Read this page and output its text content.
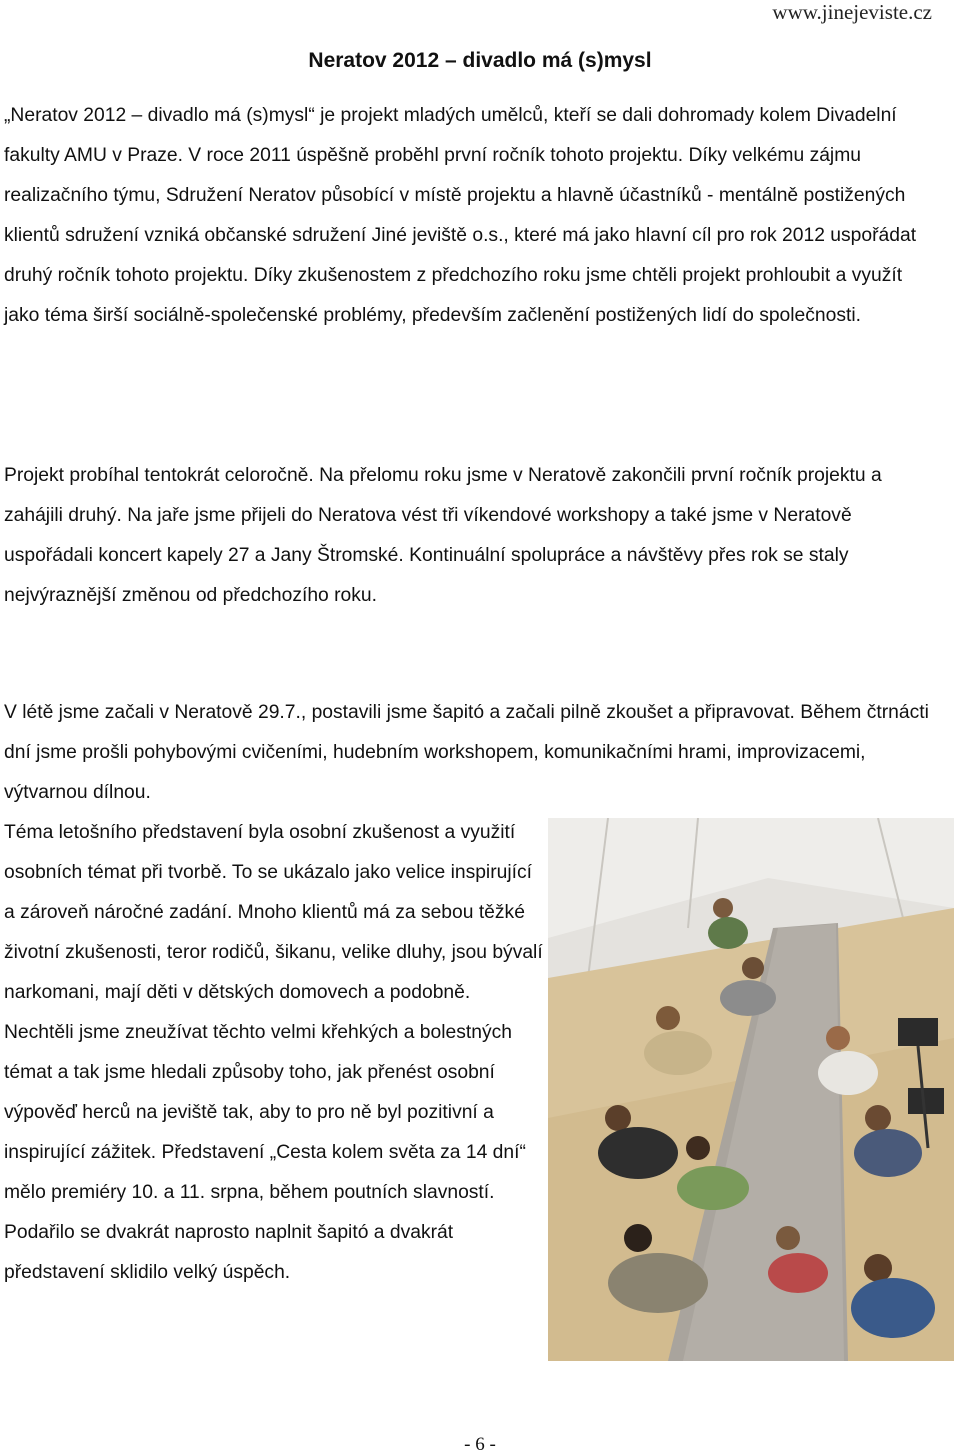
www.jinejeviste.cz
Neratov 2012 – divadlo má (s)mysl

„Neratov 2012 – divadlo má (s)mysl“ je projekt mladých umělců, kteří se dali dohromady kolem Divadelní fakulty AMU v Praze. V roce 2011 úspěšně proběhl první ročník tohoto projektu. Díky velkému zájmu realizačního týmu, Sdružení Neratov působící v místě projektu a hlavně účastníků - mentálně postižených klientů sdružení vzniká občanské sdružení Jiné jeviště o.s., které má jako hlavní cíl pro rok 2012 uspořádat druhý ročník tohoto projektu. Díky zkušenostem z předchozího roku jsme chtěli projekt prohloubit a využít jako téma širší sociálně-společenské problémy, především začlenění postižených lidí do společnosti.

Projekt probíhal tentokrát celoročně. Na přelomu roku jsme v Neratově zakončili první ročník projektu a zahájili druhý. Na jaře jsme přijeli do Neratova vést tři víkendové workshopy a také jsme v Neratově uspořádali koncert kapely 27 a Jany Štromské. Kontinuální spolupráce a návštěvy přes rok se staly nejvýraznější změnou od předchozího roku.

V létě jsme začali v Neratově 29.7., postavili jsme šapitó a začali pilně zkoušet a připravovat. Během čtrnácti dní jsme prošli pohybovými cvičeními, hudebním workshopem, komunikačními hrami, improvizacemi, výtvarnou dílnou.

Téma letošního představení byla osobní zkušenost a využití osobních témat při tvorbě. To se ukázalo jako velice inspirující a zároveň náročné zadání. Mnoho klientů má za sebou těžké životní zkušenosti, teror rodičů, šikanu, velike dluhy, jsou bývalí narkomani, mají děti v dětských domovech a podobně. Nechtěli jsme zneužívat těchto velmi křehkých a bolestných témat a tak jsme hledali způsoby toho, jak přenést osobní výpověď herců na jeviště tak, aby to pro ně byl pozitivní a inspirující zážitek. Představení „Cesta kolem světa za 14 dní“ mělo premiéry 10. a 11. srpna, během poutních slavností. Podařilo se dvakrát naprosto naplnit šapitó a dvakrát představení sklidilo velký úspěch.

- 6 -
